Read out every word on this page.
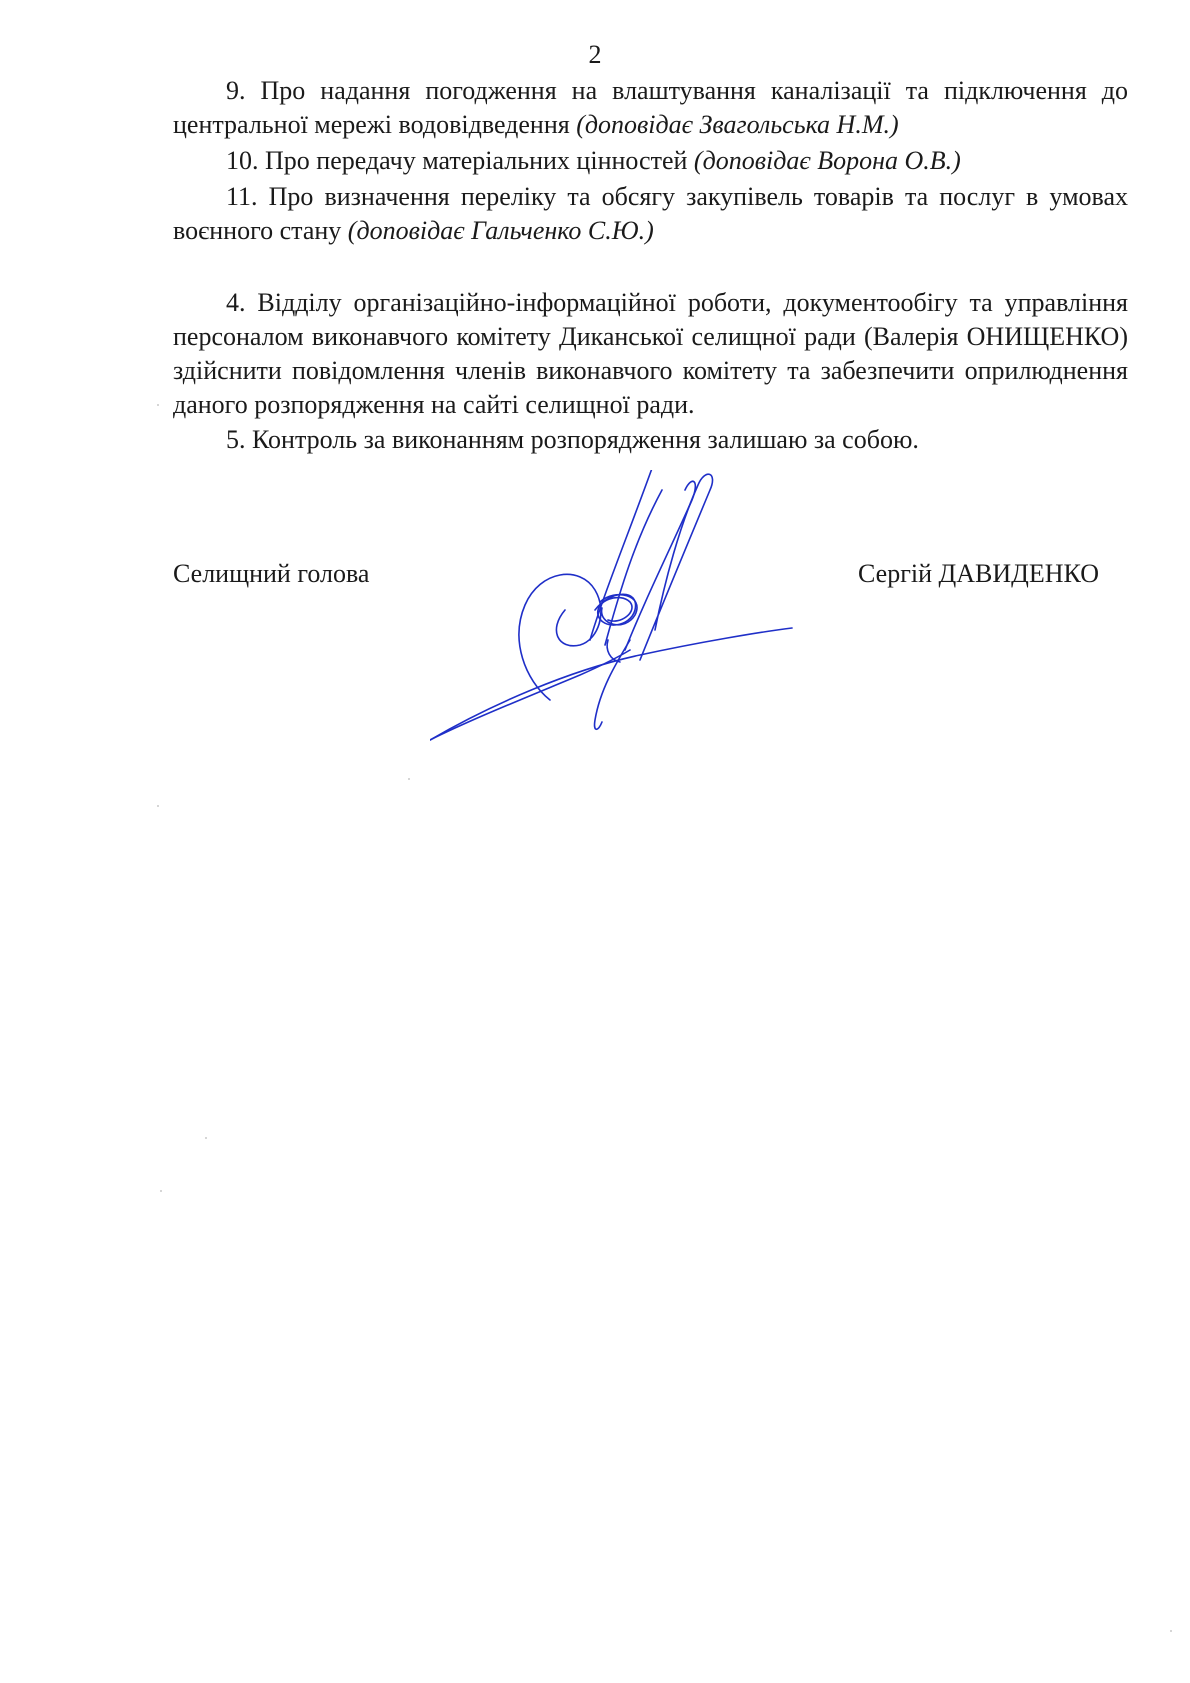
2
9. Про надання погодження на влаштування каналізації та підключення до центральної мережі водовідведення (доповідає Звагольська Н.М.)
10. Про передачу матеріальних цінностей (доповідає Ворона О.В.)
11. Про визначення переліку та обсягу закупівель товарів та послуг в умовах воєнного стану (доповідає Гальченко С.Ю.)
4. Відділу організаційно-інформаційної роботи, документообігу та управління персоналом виконавчого комітету Диканської селищної ради (Валерія ОНИЩЕНКО) здійснити повідомлення членів виконавчого комітету та забезпечити оприлюднення даного розпорядження на сайті селищної ради.
5. Контроль за виконанням розпорядження залишаю за собою.
Селищний голова	Сергій ДАВИДЕНКО
